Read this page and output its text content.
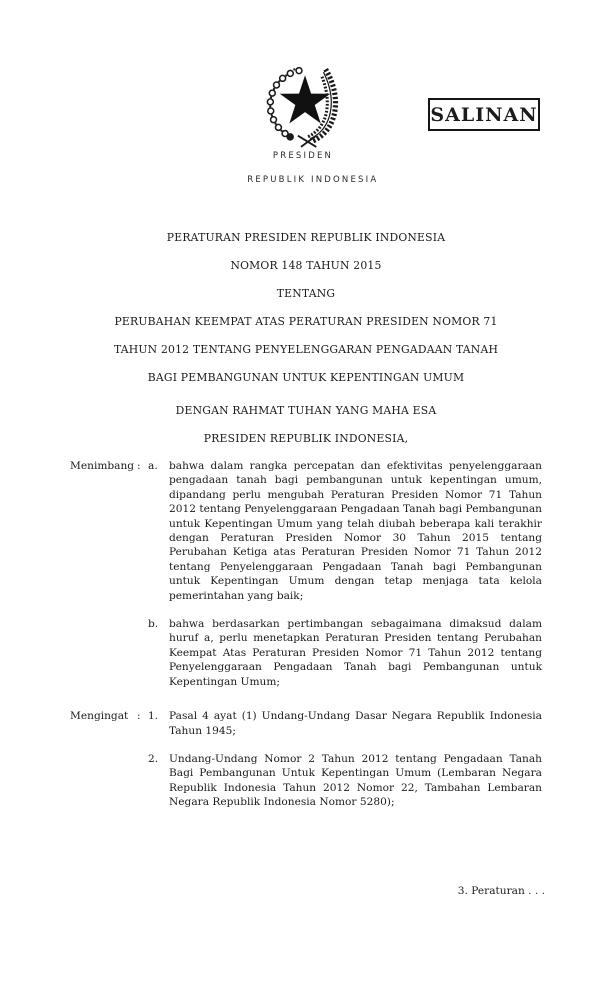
PRESIDEN

REPUBLIK INDONESIA

SALINAN
PERATURAN PRESIDEN REPUBLIK INDONESIA
NOMOR 148 TAHUN 2015
TENTANG
PERUBAHAN KEEMPAT ATAS PERATURAN PRESIDEN NOMOR 71
TAHUN 2012 TENTANG PENYELENGGARAN PENGADAAN TANAH
BAGI PEMBANGUNAN UNTUK KEPENTINGAN UMUM
DENGAN RAHMAT TUHAN YANG MAHA ESA
PRESIDEN REPUBLIK INDONESIA,
Menimbang : a.	bahwa dalam rangka percepatan dan efektivitas penyelenggaraan pengadaan tanah bagi pembangunan untuk kepentingan umum, dipandang perlu mengubah Peraturan Presiden Nomor 71 Tahun 2012 tentang Penyelenggaraan Pengadaan Tanah bagi Pembangunan untuk Kepentingan Umum yang telah diubah beberapa kali terakhir dengan Peraturan Presiden Nomor 30 Tahun 2015 tentang Perubahan Ketiga atas Peraturan Presiden Nomor 71 Tahun 2012 tentang Penyelenggaraan Pengadaan Tanah bagi Pembangunan untuk Kepentingan Umum dengan tetap menjaga tata kelola pemerintahan yang baik;
b.	bahwa berdasarkan pertimbangan sebagaimana dimaksud dalam huruf a, perlu menetapkan Peraturan Presiden tentang Perubahan Keempat Atas Peraturan Presiden Nomor 71 Tahun 2012 tentang Penyelenggaraan Pengadaan Tanah bagi Pembangunan untuk Kepentingan Umum;
Mengingat : 1.	Pasal 4 ayat (1) Undang-Undang Dasar Negara Republik Indonesia Tahun 1945;
2.	Undang-Undang Nomor 2 Tahun 2012 tentang Pengadaan Tanah Bagi Pembangunan Untuk Kepentingan Umum (Lembaran Negara Republik Indonesia Tahun 2012 Nomor 22, Tambahan Lembaran Negara Republik Indonesia Nomor 5280);
3. Peraturan . . .
